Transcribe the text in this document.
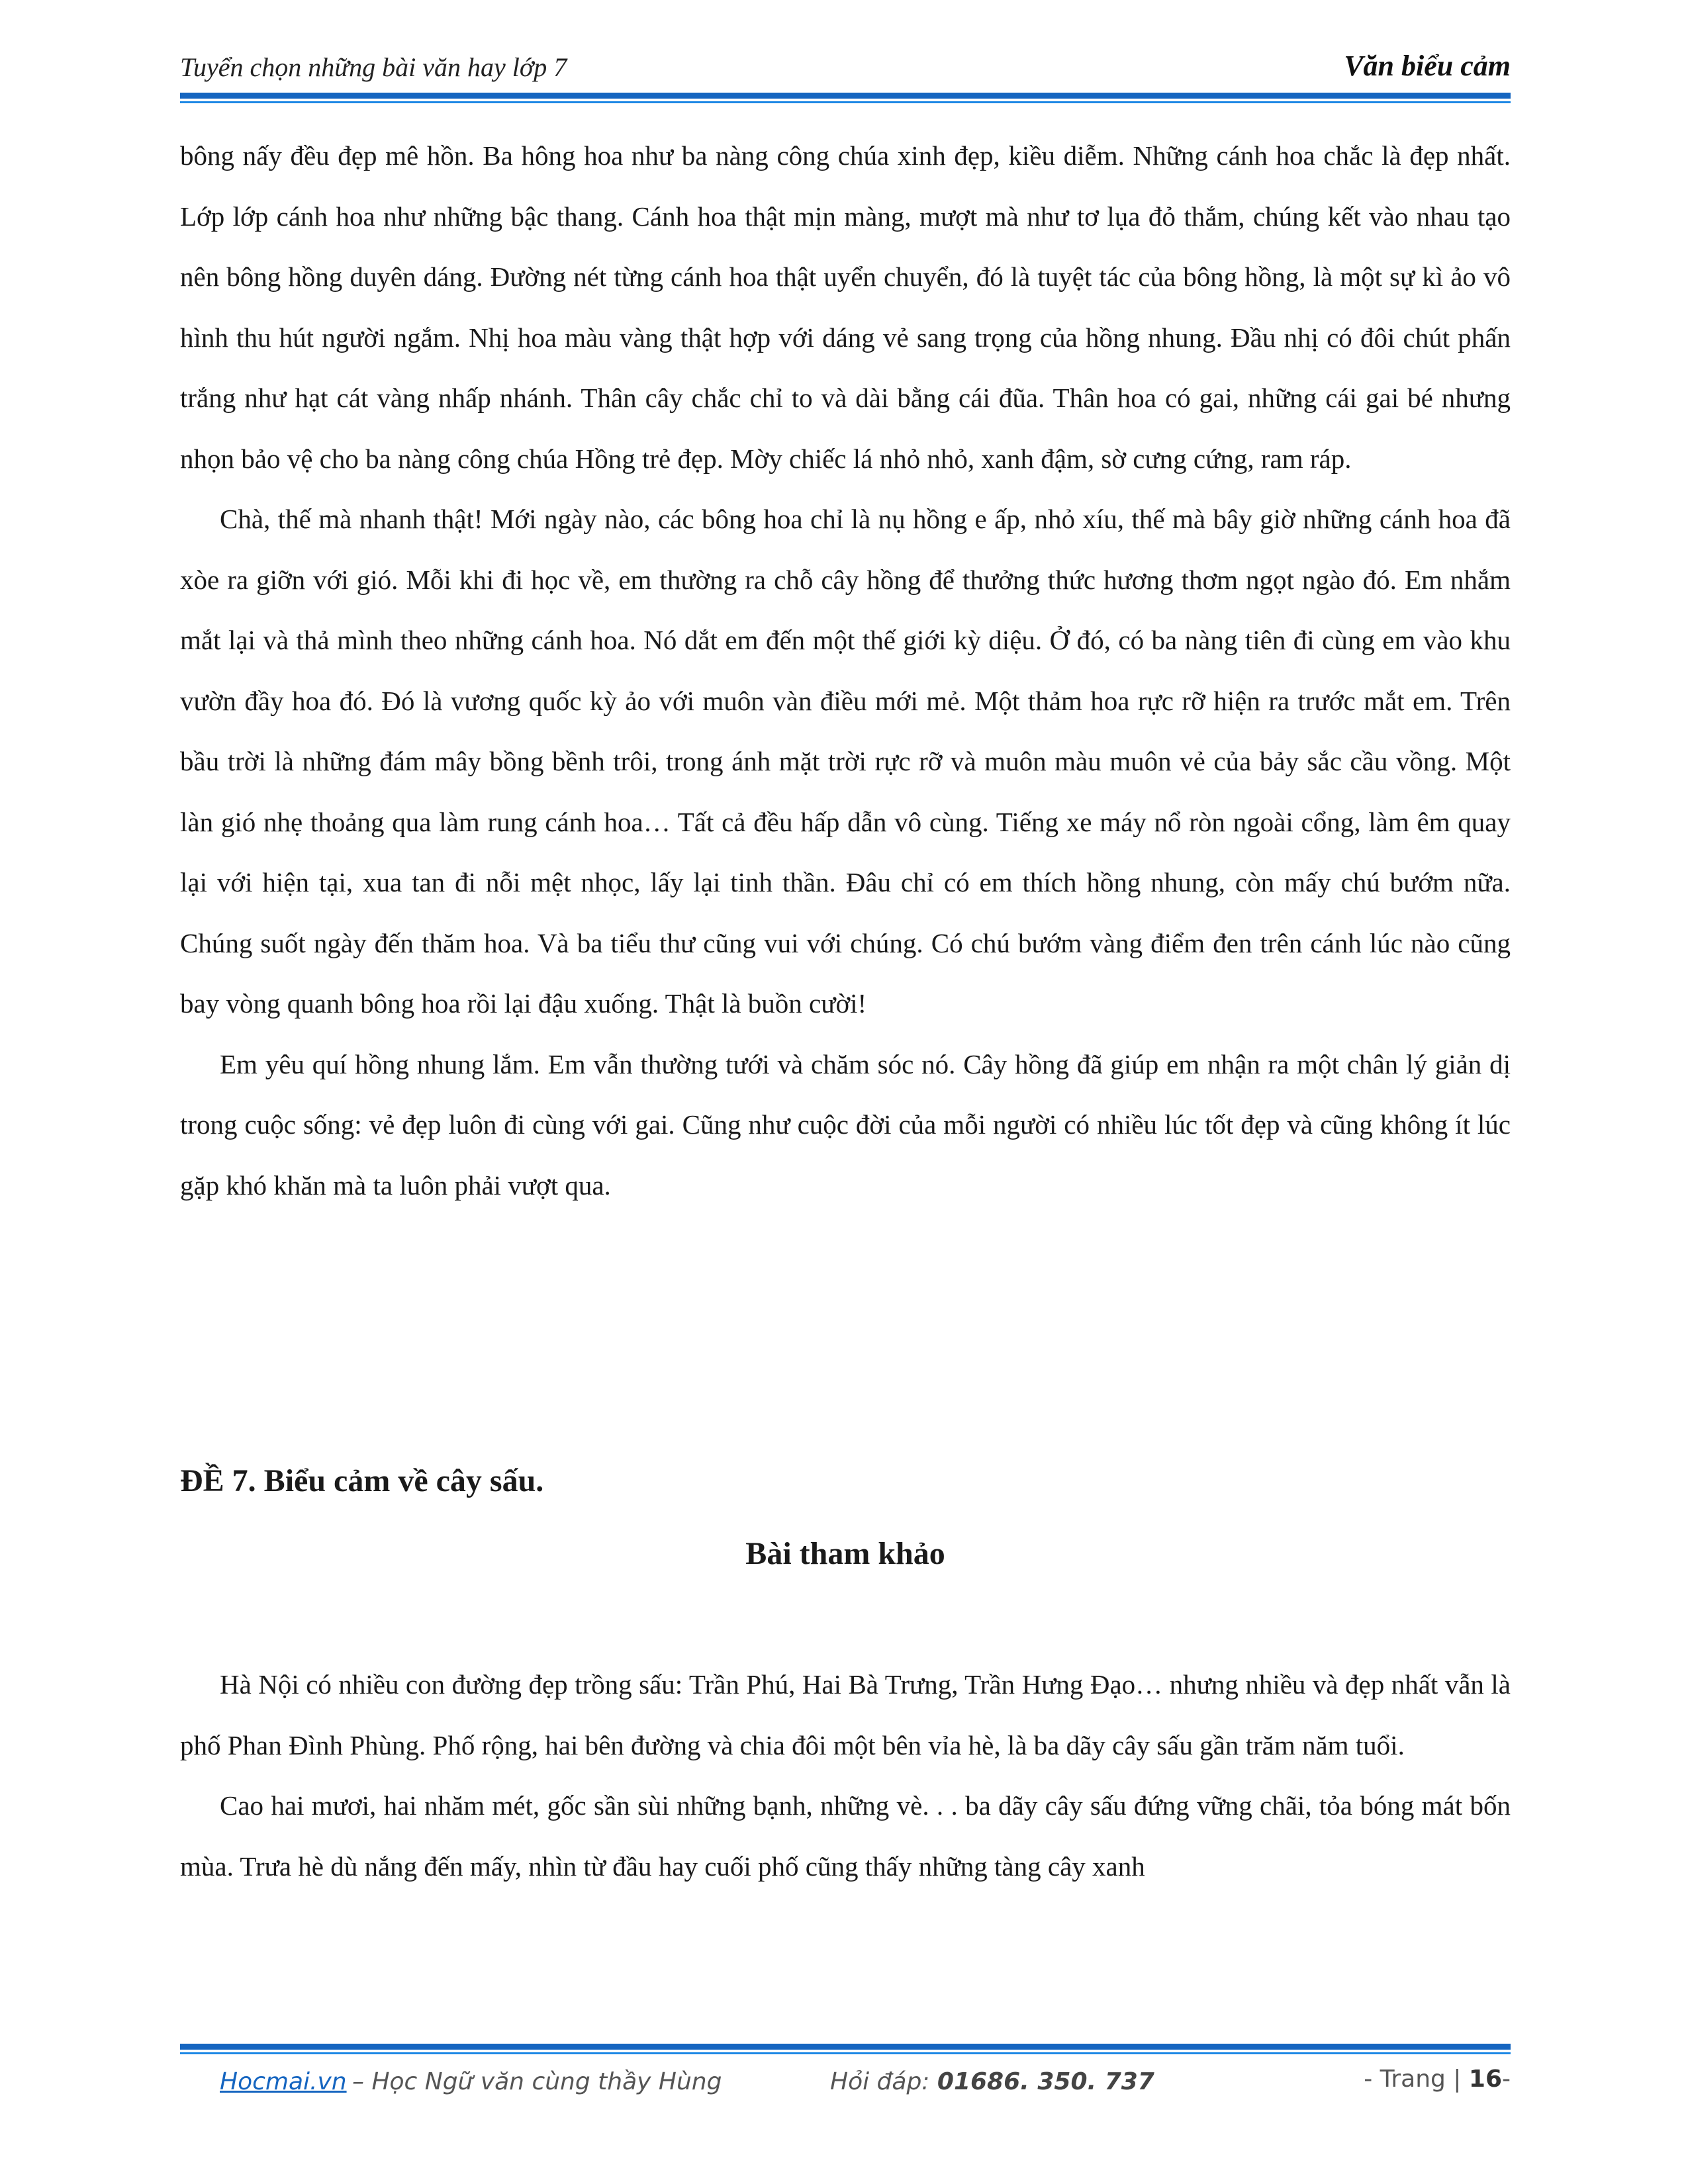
Tuyển chọn những bài văn hay lớp 7	Văn biểu cảm

bông nấy đều đẹp mê hồn. Ba hông hoa như ba nàng công chúa xinh đẹp, kiều diễm. Những cánh hoa chắc là đẹp nhất. Lớp lớp cánh hoa như những bậc thang. Cánh hoa thật mịn màng, mượt mà như tơ lụa đỏ thắm, chúng kết vào nhau tạo nên bông hồng duyên dáng. Đường nét từng cánh hoa thật uyển chuyển, đó là tuyệt tác của bông hồng, là một sự kì ảo vô hình thu hút người ngắm. Nhị hoa màu vàng thật hợp với dáng vẻ sang trọng của hồng nhung. Đầu nhị có đôi chút phấn trắng như hạt cát vàng nhấp nhánh. Thân cây chắc chỉ to và dài bằng cái đũa. Thân hoa có gai, những cái gai bé nhưng nhọn bảo vệ cho ba nàng công chúa Hồng trẻ đẹp. Mờy chiếc lá nhỏ nhỏ, xanh đậm, sờ cưng cứng, ram ráp.

Chà, thế mà nhanh thật! Mới ngày nào, các bông hoa chỉ là nụ hồng e ấp, nhỏ xíu, thế mà bây giờ những cánh hoa đã xòe ra giỡn với gió. Mỗi khi đi học về, em thường ra chỗ cây hồng để thưởng thức hương thơm ngọt ngào đó. Em nhắm mắt lại và thả mình theo những cánh hoa. Nó dắt em đến một thế giới kỳ diệu. Ở đó, có ba nàng tiên đi cùng em vào khu vườn đầy hoa đó. Đó là vương quốc kỳ ảo với muôn vàn điều mới mẻ. Một thảm hoa rực rỡ hiện ra trước mắt em. Trên bầu trời là những đám mây bồng bềnh trôi, trong ánh mặt trời rực rỡ và muôn màu muôn vẻ của bảy sắc cầu vồng. Một làn gió nhẹ thoảng qua làm rung cánh hoa… Tất cả đều hấp dẫn vô cùng. Tiếng xe máy nổ ròn ngoài cổng, làm êm quay lại với hiện tại, xua tan đi nỗi mệt nhọc, lấy lại tinh thần. Đâu chỉ có em thích hồng nhung, còn mấy chú bướm nữa. Chúng suốt ngày đến thăm hoa. Và ba tiểu thư cũng vui với chúng. Có chú bướm vàng điểm đen trên cánh lúc nào cũng bay vòng quanh bông hoa rồi lại đậu xuống. Thật là buồn cười!

Em yêu quí hồng nhung lắm. Em vẫn thường tưới và chăm sóc nó. Cây hồng đã giúp em nhận ra một chân lý giản dị trong cuộc sống: vẻ đẹp luôn đi cùng với gai. Cũng như cuộc đời của mỗi người có nhiều lúc tốt đẹp và cũng không ít lúc gặp khó khăn mà ta luôn phải vượt qua.

ĐỀ 7. Biểu cảm về cây sấu.
Bài tham khảo

Hà Nội có nhiều con đường đẹp trồng sấu: Trần Phú, Hai Bà Trưng, Trần Hưng Đạo… nhưng nhiều và đẹp nhất vẫn là phố Phan Đình Phùng. Phố rộng, hai bên đường và chia đôi một bên vỉa hè, là ba dãy cây sấu gần trăm năm tuổi.

Cao hai mươi, hai nhăm mét, gốc sần sùi những bạnh, những vè. . . ba dãy cây sấu đứng vững chãi, tỏa bóng mát bốn mùa. Trưa hè dù nắng đến mấy, nhìn từ đầu hay cuối phố cũng thấy những tàng cây xanh

Hocmai.vn – Học Ngữ văn cùng thầy Hùng	Hỏi đáp: 01686. 350. 737	- Trang | 16-
